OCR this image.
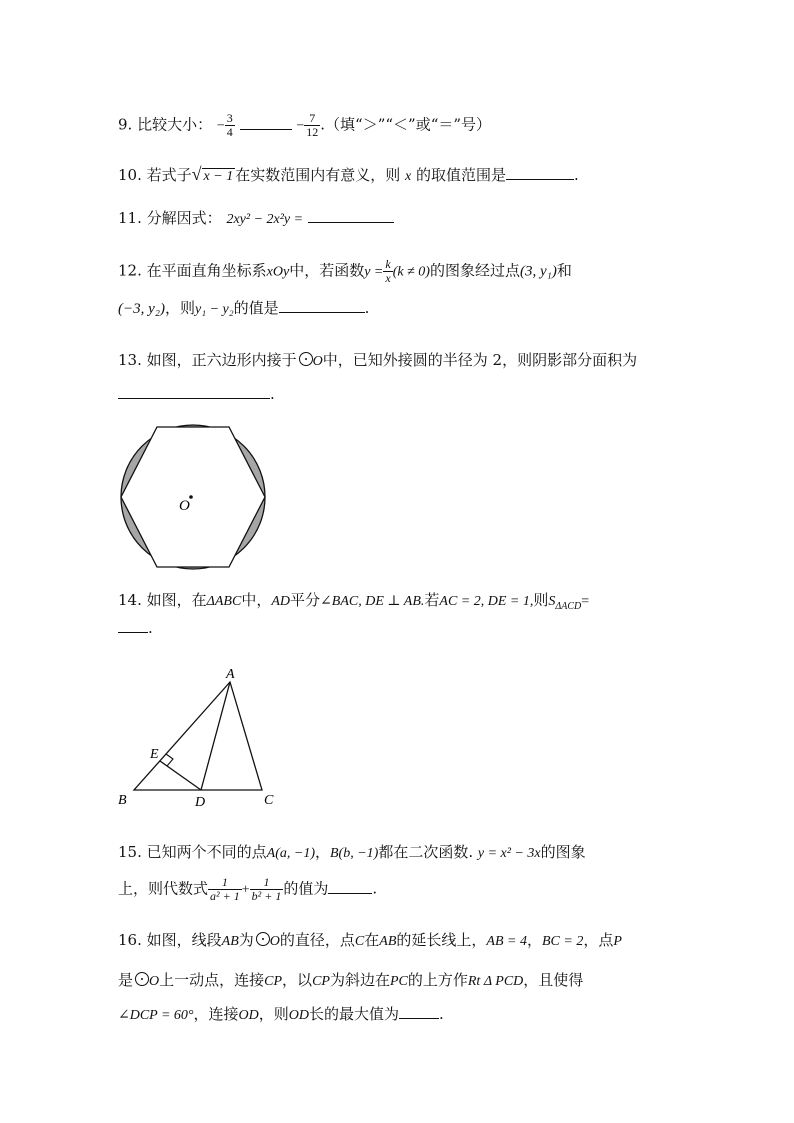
9. 比较大小： − $\frac{3}{4}$	− $\frac{7}{12}$ .（填“＞”“＜”或“＝”号）
10. 若式子√ x − 1 在实数范围内有意义，则 x 的取值范围是	.
11. 分解因式： 2xy² − 2x²y =
12. 在平面直角坐标系xOy中，若函数$y = \frac{k}{x} (k \ne 0)$的图象经过点(3, y₁)和
(−3, y₂)，则y₁ − y₂的值是	.
13. 如图，正六边形内接于 O中，已知外接圆的半径为 2，则阴影部分面积为
.
O
14. 如图，在ΔABC中，AD平分∠BAC, DE ⊥ AB.若AC = 2, DE = 1,则$S_{\Delta ACD}=$
.
A
B	C
D
E
15. 已知两个不同的点A(a, −1)，B(b, −1)都在二次函数. y = x² − 3x的图象
上，则代数式 $\frac{1}{\text{a² + 1}} + \frac{1}{\text{b² + 1}}$ 的值为	.
16. 如图，线段AB为 O的直径，点C在AB的延长线上，AB = 4，BC = 2，点P
是 O上一动点，连接CP，以CP为斜边在PC的上方作Rt Δ PCD，且使得
∠DCP = 60°，连接OD，则OD长的最大值为	.
